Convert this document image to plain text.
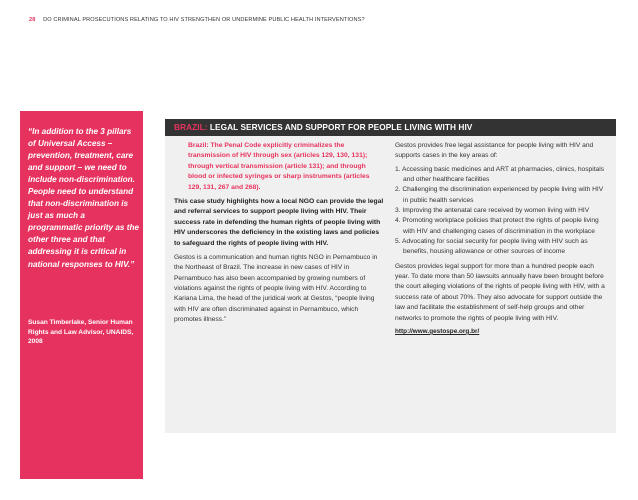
28 DO CRIMINAL PROSECUTIONS RELATING TO HIV STRENGTHEN OR UNDERMINE PUBLIC HEALTH INTERVENTIONS?

“In addition to the 3 pillars of Universal Access – prevention, treatment, care and support – we need to include non-discrimination. People need to understand that non-discrimination is just as much a programmatic priority as the other three and that addressing it is critical in national responses to HIV.”

Susan Timberlake, Senior Human Rights and Law Advisor, UNAIDS, 2008

BRAZIL: LEGAL SERVICES AND SUPPORT FOR PEOPLE LIVING WITH HIV

Brazil: The Penal Code explicitly criminalizes the transmission of HIV through sex (articles 129, 130, 131); through vertical transmission (article 131); and through blood or infected syringes or sharp instruments (articles 129, 131, 267 and 268).

This case study highlights how a local NGO can provide the legal and referral services to support people living with HIV. Their success rate in defending the human rights of people living with HIV underscores the deficiency in the existing laws and policies to safeguard the rights of people living with HIV.

Gestos is a communication and human rights NGO in Pernambuco in the Northeast of Brazil. The increase in new cases of HIV in Pernambuco has also been accompanied by growing numbers of violations against the rights of people living with HIV. According to Kariana Lima, the head of the juridical work at Gestos, “people living with HIV are often discriminated against in Pernambuco, which promotes illness.”

Gestos provides free legal assistance for people living with HIV and supports cases in the key areas of:

1. Accessing basic medicines and ART at pharmacies, clinics, hospitals and other healthcare facilities
2. Challenging the discrimination experienced by people living with HIV in public health services
3. Improving the antenatal care received by women living with HIV
4. Promoting workplace policies that protect the rights of people living with HIV and challenging cases of discrimination in the workplace
5. Advocating for social security for people living with HIV such as benefits, housing allowance or other sources of income

Gestos provides legal support for more than a hundred people each year. To date more than 50 lawsuits annually have been brought before the court alleging violations of the rights of people living with HIV, with a success rate of about 70%. They also advocate for support outside the law and facilitate the establishment of self-help groups and other networks to promote the rights of people living with HIV.

http://www.gestospe.org.br/
